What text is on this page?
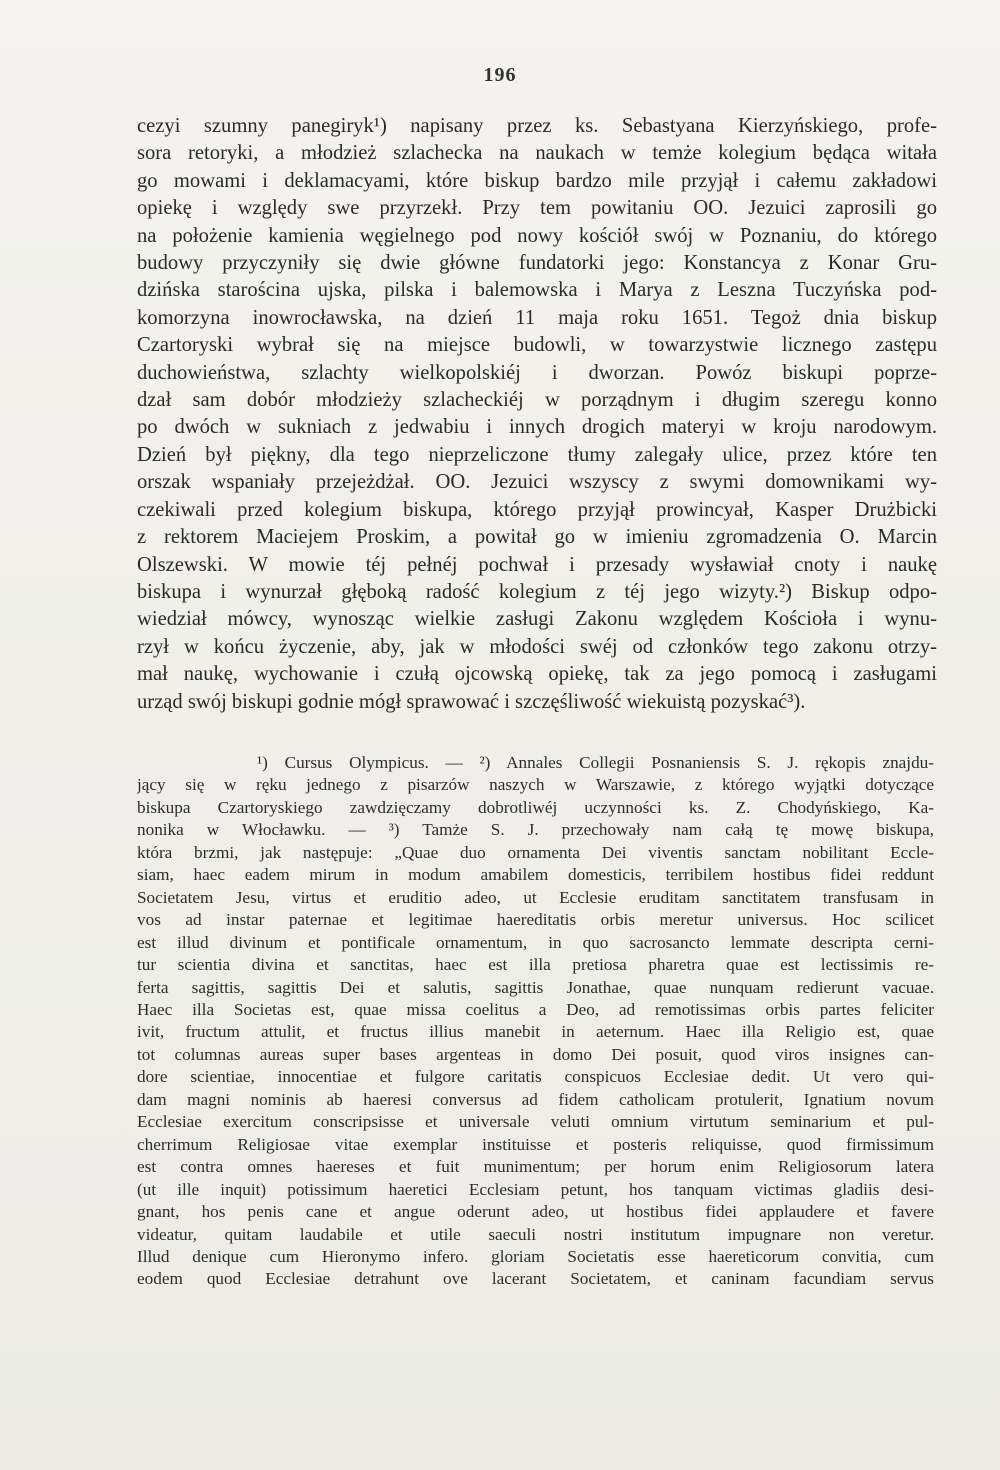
196
cezyi szumny panegiryk¹) napisany przez ks. Sebastyana Kierzyńskiego, profe-
sora retoryki, a młodzież szlachecka na naukach w temże kolegium będąca witała
go mowami i deklamacyami, które biskup bardzo mile przyjął i całemu zakładowi
opiekę i względy swe przyrzekł. Przy tem powitaniu OO. Jezuici zaprosili go
na położenie kamienia węgielnego pod nowy kościół swój w Poznaniu, do którego
budowy przyczyniły się dwie główne fundatorki jego: Konstancya z Konar Gru-
dzińska starościna ujska, pilska i balemowska i Marya z Leszna Tuczyńska pod-
komorzyna inowrocławska, na dzień 11 maja roku 1651. Tegoż dnia biskup
Czartoryski wybrał się na miejsce budowli, w towarzystwie licznego zastępu
duchowieństwa, szlachty wielkopolskiéj i dworzan. Powóz biskupi poprze-
dzał sam dobór młodzieży szlacheckiéj w porządnym i długim szeregu konno
po dwóch w sukniach z jedwabiu i innych drogich materyi w kroju narodowym.
Dzień był piękny, dla tego nieprzeliczone tłumy zalegały ulice, przez które ten
orszak wspaniały przejeżdżał. OO. Jezuici wszyscy z swymi domownikami wy-
czekiwali przed kolegium biskupa, którego przyjął prowincyał, Kasper Drużbicki
z rektorem Maciejem Proskim, a powitał go w imieniu zgromadzenia O. Marcin
Olszewski. W mowie téj pełnéj pochwał i przesady wysławiał cnoty i naukę
biskupa i wynurzał głęboką radość kolegium z téj jego wizyty.²) Biskup odpo-
wiedział mówcy, wynosząc wielkie zasługi Zakonu względem Kościoła i wynu-
rzył w końcu życzenie, aby, jak w młodości swéj od członków tego zakonu otrzy-
mał naukę, wychowanie i czułą ojcowską opiekę, tak za jego pomocą i zasługami
urząd swój biskupi godnie mógł sprawować i szczęśliwość wiekuistą pozyskać³).
¹) Cursus Olympicus. — ²) Annales Collegii Posnaniensis S. J. rękopis znajdu-
jący się w ręku jednego z pisarzów naszych w Warszawie, z którego wyjątki dotyczące
biskupa Czartoryskiego zawdzięczamy dobrotliwéj uczynności ks. Z. Chodyńskiego, Ka-
nonika w Włocławku. — ³) Tamże S. J. przechowały nam całą tę mowę biskupa,
która brzmi, jak następuje: „Quae duo ornamenta Dei viventis sanctam nobilitant Eccle-
siam, haec eadem mirum in modum amabilem domesticis, terribilem hostibus fidei reddunt
Societatem Jesu, virtus et eruditio adeo, ut Ecclesie eruditam sanctitatem transfusam in
vos ad instar paternae et legitimae haereditatis orbis meretur universus. Hoc scilicet
est illud divinum et pontificale ornamentum, in quo sacrosancto lemmate descripta cerni-
tur scientia divina et sanctitas, haec est illa pretiosa pharetra quae est lectissimis re-
ferta sagittis, sagittis Dei et salutis, sagittis Jonathae, quae nunquam redierunt vacuae.
Haec illa Societas est, quae missa coelitus a Deo, ad remotissimas orbis partes feliciter
ivit, fructum attulit, et fructus illius manebit in aeternum. Haec illa Religio est, quae
tot columnas aureas super bases argenteas in domo Dei posuit, quod viros insignes can-
dore scientiae, innocentiae et fulgore caritatis conspicuos Ecclesiae dedit. Ut vero qui-
dam magni nominis ab haeresi conversus ad fidem catholicam protulerit, Ignatium novum
Ecclesiae exercitum conscripsisse et universale veluti omnium virtutum seminarium et pul-
cherrimum Religiosae vitae exemplar instituisse et posteris reliquisse, quod firmissimum
est contra omnes haereses et fuit munimentum; per horum enim Religiosorum latera
(ut ille inquit) potissimum haeretici Ecclesiam petunt, hos tanquam victimas gladiis desi-
gnant, hos penis cane et angue oderunt adeo, ut hostibus fidei applaudere et favere
videatur, quitam laudabile et utile saeculi nostri institutum impugnare non veretur.
Illud denique cum Hieronymo infero. gloriam Societatis esse haereticorum convitia, cum
eodem quod Ecclesiae detrahunt ove lacerant Societatem, et caninam facundiam servus
